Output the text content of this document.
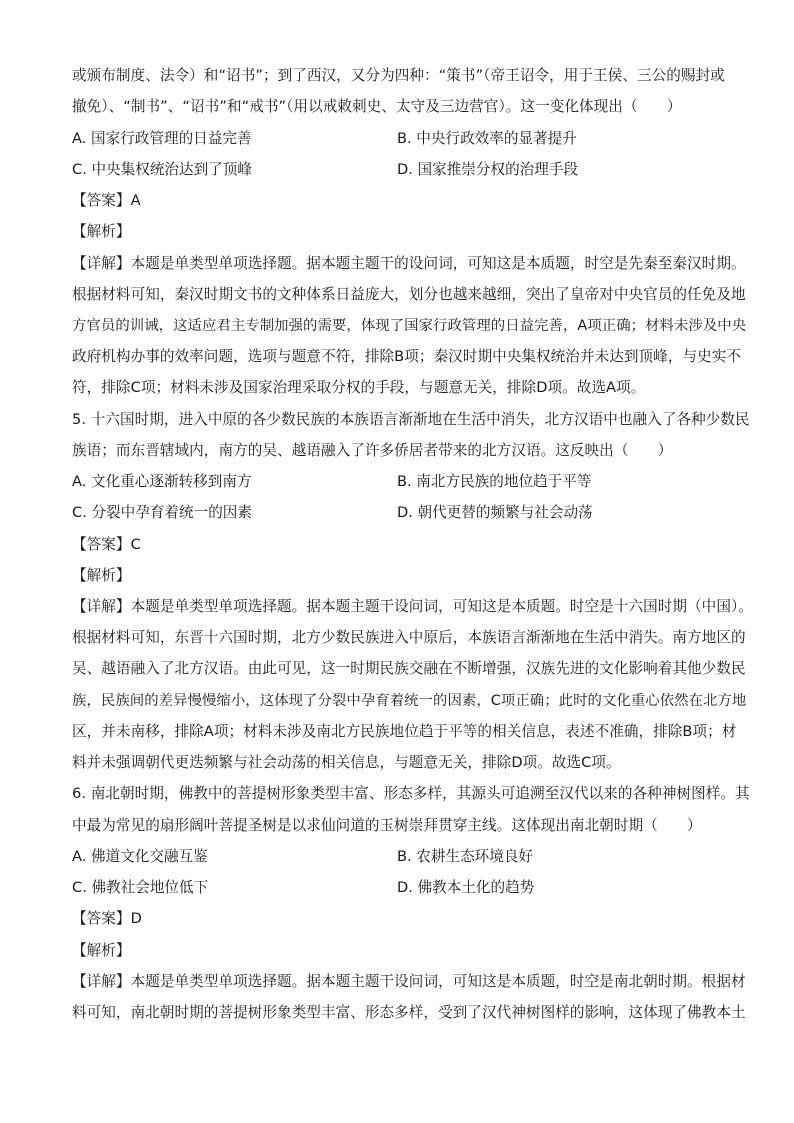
或颁布制度、法令）和“诏书”；到了西汉，又分为四种：“策书”（帝王诏令，用于王侯、三公的赐封或
撤免）、“制书”、“诏书”和“戒书”（用以戒敕刺史、太守及三边营官）。这一变化体现出（　　）
A. 国家行政管理的日益完善	B. 中央行政效率的显著提升
C. 中央集权统治达到了顶峰	D. 国家推崇分权的治理手段
【答案】A
【解析】
【详解】本题是单类型单项选择题。据本题主题干的设问词，可知这是本质题，时空是先秦至秦汉时期。
根据材料可知，秦汉时期文书的文种体系日益庞大，划分也越来越细，突出了皇帝对中央官员的任免及地
方官员的训诫，这适应君主专制加强的需要，体现了国家行政管理的日益完善，A项正确；材料未涉及中央
政府机构办事的效率问题，选项与题意不符，排除B项；秦汉时期中央集权统治并未达到顶峰，与史实不
符，排除C项；材料未涉及国家治理采取分权的手段，与题意无关，排除D项。故选A项。
5. 十六国时期，进入中原的各少数民族的本族语言渐渐地在生活中消失，北方汉语中也融入了各种少数民
族语；而东晋辖域内，南方的吴、越语融入了许多侨居者带来的北方汉语。这反映出（　　）
A. 文化重心逐渐转移到南方	B. 南北方民族的地位趋于平等
C. 分裂中孕育着统一的因素	D. 朝代更替的频繁与社会动荡
【答案】C
【解析】
【详解】本题是单类型单项选择题。据本题主题干设问词，可知这是本质题。时空是十六国时期（中国）。
根据材料可知，东晋十六国时期，北方少数民族进入中原后，本族语言渐渐地在生活中消失。南方地区的
吴、越语融入了北方汉语。由此可见，这一时期民族交融在不断增强，汉族先进的文化影响着其他少数民
族，民族间的差异慢慢缩小，这体现了分裂中孕育着统一的因素，C项正确；此时的文化重心依然在北方地
区，并未南移，排除A项；材料未涉及南北方民族地位趋于平等的相关信息，表述不准确，排除B项；材
料并未强调朝代更迭频繁与社会动荡的相关信息，与题意无关，排除D项。故选C项。
6. 南北朝时期，佛教中的菩提树形象类型丰富、形态多样，其源头可追溯至汉代以来的各种神树图样。其
中最为常见的扇形阔叶菩提圣树是以求仙问道的玉树崇拜贯穿主线。这体现出南北朝时期（　　）
A. 佛道文化交融互鉴	B. 农耕生态环境良好
C. 佛教社会地位低下	D. 佛教本土化的趋势
【答案】D
【解析】
【详解】本题是单类型单项选择题。据本题主题干设问词，可知这是本质题，时空是南北朝时期。根据材
料可知，南北朝时期的菩提树形象类型丰富、形态多样，受到了汉代神树图样的影响，这体现了佛教本土
